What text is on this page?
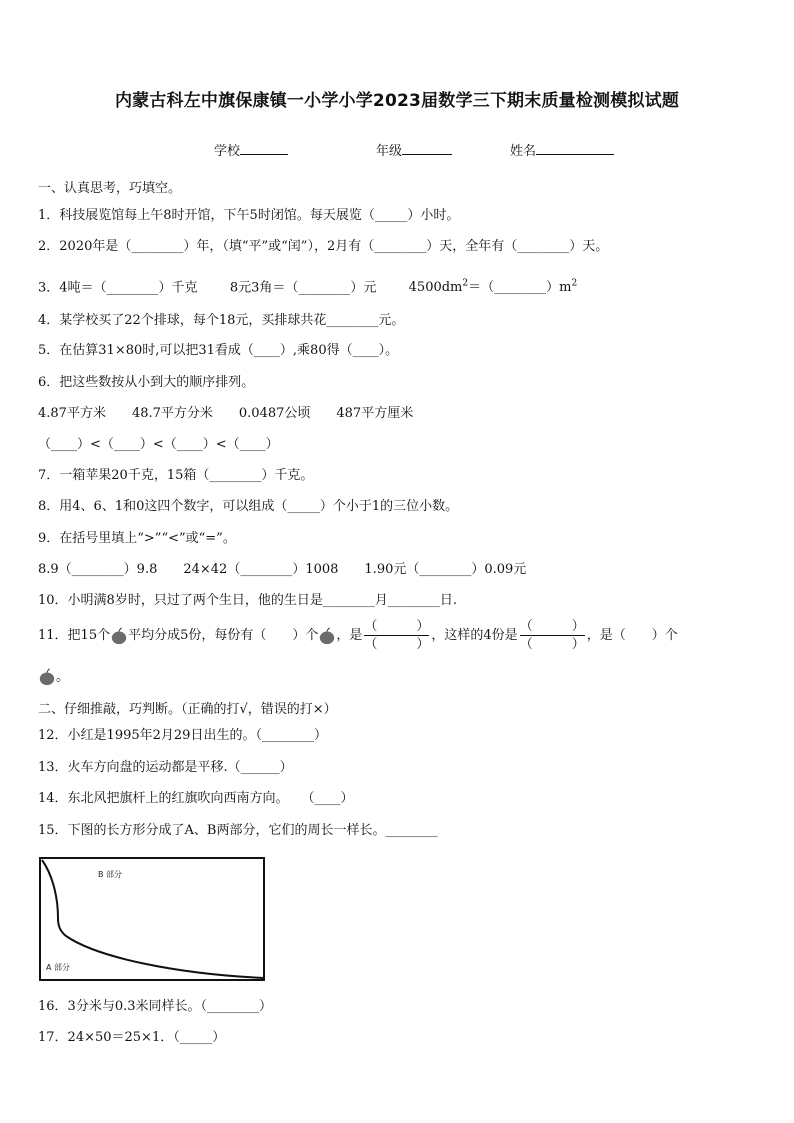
内蒙古科左中旗保康镇一小学小学2023届数学三下期末质量检测模拟试题
学校	年级	姓名
一、认真思考，巧填空。
1．科技展览馆每上午8时开馆，下午5时闭馆。每天展览（_____）小时。
2．2020年是（________）年，（填“平”或“闰”），2月有（________）天，全年有（________）天。
3．4吨＝（________）千克 8元3角＝（________）元 $4500dm^2=(\_\_\_\_\_\_\_\_)m^2$
4．某学校买了22个排球，每个18元，买排球共花________元。
5．在估算31×80时,可以把31看成（____）,乘80得（____）。
6．把这些数按从小到大的顺序排列。
4.87平方米　　48.7平方分米　　0.0487公顷　　487平方厘米
（____）<（____）<（____）<（____）
7．一箱苹果20千克，15箱（________）千克。
8．用4、6、1和0这四个数字，可以组成（_____）个小于1的三位小数。
9．在括号里填上“>”“<”或“=”。
8.9（________）9.8　　24×42（________）1008　　1.90元（________）0.09元
10．小明满8岁时，只过了两个生日，他的生日是________月________日.
11．把15个 平均分成5份，每份有（　　）个 ，是 $\frac{( )}{( )}$ ，这样的4份是 $\frac{( )}{( )}$ ，是（　　）个
。
二、仔细推敲，巧判断。（正确的打√，错误的打×）
12．小红是1995年2月29日出生的。（________）
13．火车方向盘的运动都是平移.（______）
14．东北风把旗杆上的红旗吹向西南方向。　　（____）
15．下图的长方形分成了A、B两部分，它们的周长一样长。________
B 部分
A 部分
16．3分米与0.3米同样长。（________）
17．24×50＝25×1．（_____）
